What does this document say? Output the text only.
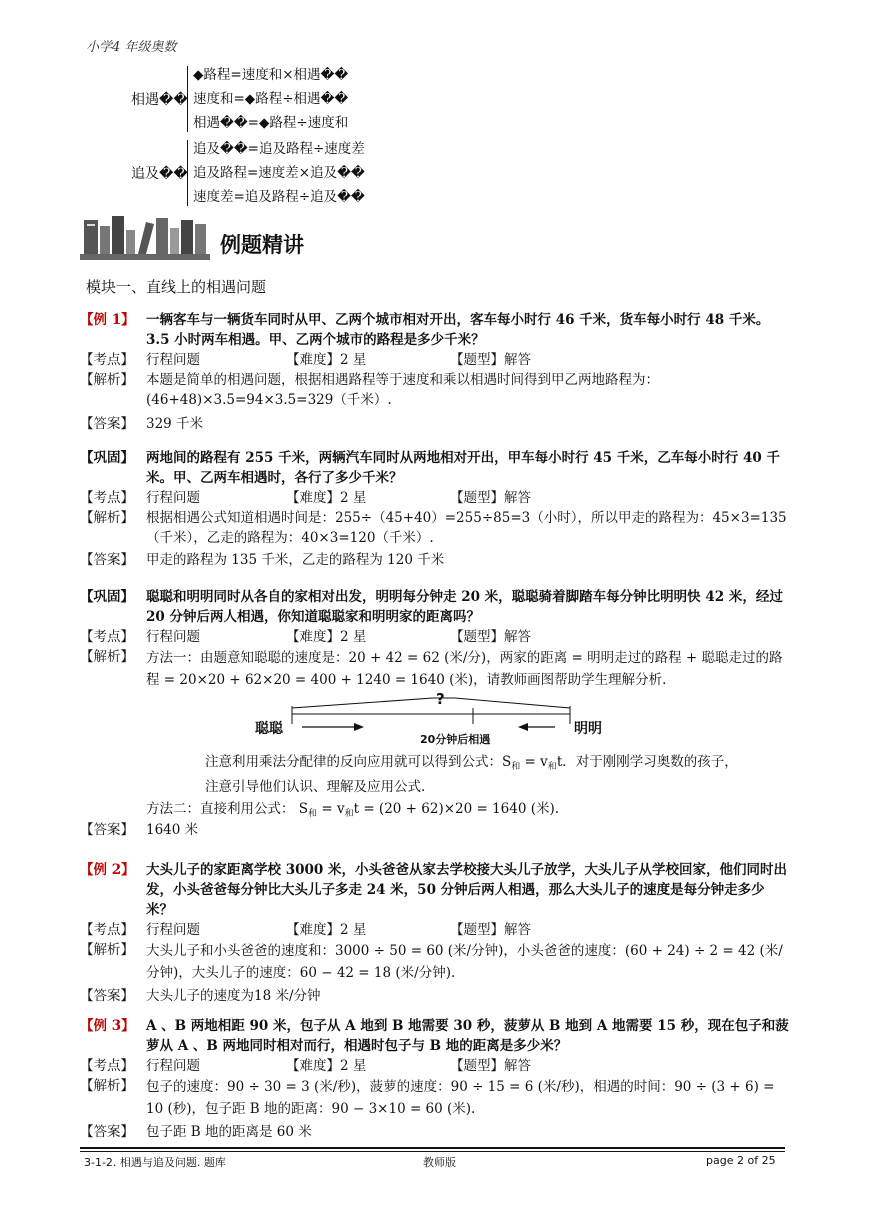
小学4 年级奥数
相遇��
◆路程=速度和×相遇��
速度和=◆路程÷相遇��
相遇��=◆路程÷速度和
追及��
追及��=追及路程÷速度差
追及路程=速度差×追及��
速度差=追及路程÷追及��
例题精讲
模块一、直线上的相遇问题
【例 1】 一辆客车与一辆货车同时从甲、乙两个城市相对开出，客车每小时行 46 千米，货车每小时行 48 千米。3.5 小时两车相遇。甲、乙两个城市的路程是多少千米？
【考点】 行程问题	【难度】 2 星	【题型】 解答
【解析】 本题是简单的相遇问题，根据相遇路程等于速度和乘以相遇时间得到甲乙两地路程为：(46+48)×3.5=94×3.5=329（千米）.
【答案】 329 千米
【巩固】 两地间的路程有 255 千米，两辆汽车同时从两地相对开出，甲车每小时行 45 千米，乙车每小时行 40 千米。甲、乙两车相遇时，各行了多少千米？
【考点】 行程问题	【难度】 2 星	【题型】 解答
【解析】 根据相遇公式知道相遇时间是：255÷（45+40）=255÷85=3（小时），所以甲走的路程为：45×3=135（千米），乙走的路程为：40×3=120（千米）.
【答案】 甲走的路程为 135 千米，乙走的路程为 120 千米
【巩固】 聪聪和明明同时从各自的家相对出发，明明每分钟走 20 米，聪聪骑着脚踏车每分钟比明明快 42 米，经过 20 分钟后两人相遇，你知道聪聪家和明明家的距离吗？
【考点】 行程问题	【难度】 2 星	【题型】 解答
【解析】 方法一：由题意知聪聪的速度是：20 + 42 = 62 (米/分)，两家的距离 = 明明走过的路程 + 聪聪走过的路程 = 20×20 + 62×20 = 400 + 1240 = 1640 (米)，请教师画图帮助学生理解分析.
?
聪聪	明明
20分钟后相遇
注意利用乘法分配律的反向应用就可以得到公式：$S_和 = v_和t$．对于刚刚学习奥数的孩子，
注意引导他们认识、理解及应用公式.
方法二：直接利用公式： $S_和 = v_和t = (20 + 62)\times 20 = 1640$ (米).
【答案】 1640 米
【例 2】 大头儿子的家距离学校 3000 米，小头爸爸从家去学校接大头儿子放学，大头儿子从学校回家，他们同时出发，小头爸爸每分钟比大头儿子多走 24 米，50 分钟后两人相遇，那么大头儿子的速度是每分钟走多少米？
【考点】 行程问题	【难度】 2 星	【题型】 解答
【解析】 大头儿子和小头爸爸的速度和：3000 ÷ 50 = 60 (米/分钟)，小头爸爸的速度：(60 + 24) ÷ 2 = 42 (米/分钟)，大头儿子的速度：60 − 42 = 18 (米/分钟).
【答案】 大头儿子的速度为18 米/分钟
【例 3】 A 、B 两地相距 90 米，包子从 A 地到 B 地需要 30 秒，菠萝从 B 地到 A 地需要 15 秒，现在包子和菠萝从 A 、B 两地同时相对而行，相遇时包子与 B 地的距离是多少米？
【考点】 行程问题	【难度】 2 星	【题型】 解答
【解析】 包子的速度：90 ÷ 30 = 3 (米/秒)，菠萝的速度：90 ÷ 15 = 6 (米/秒)，相遇的时间：90 ÷ (3 + 6) = 10 (秒)，包子距 B 地的距离：90 − 3×10 = 60 (米).
【答案】 包子距 B 地的距离是 60 米
3-1-2. 相遇与追及问题. 题库	教师版	page 2 of 25
